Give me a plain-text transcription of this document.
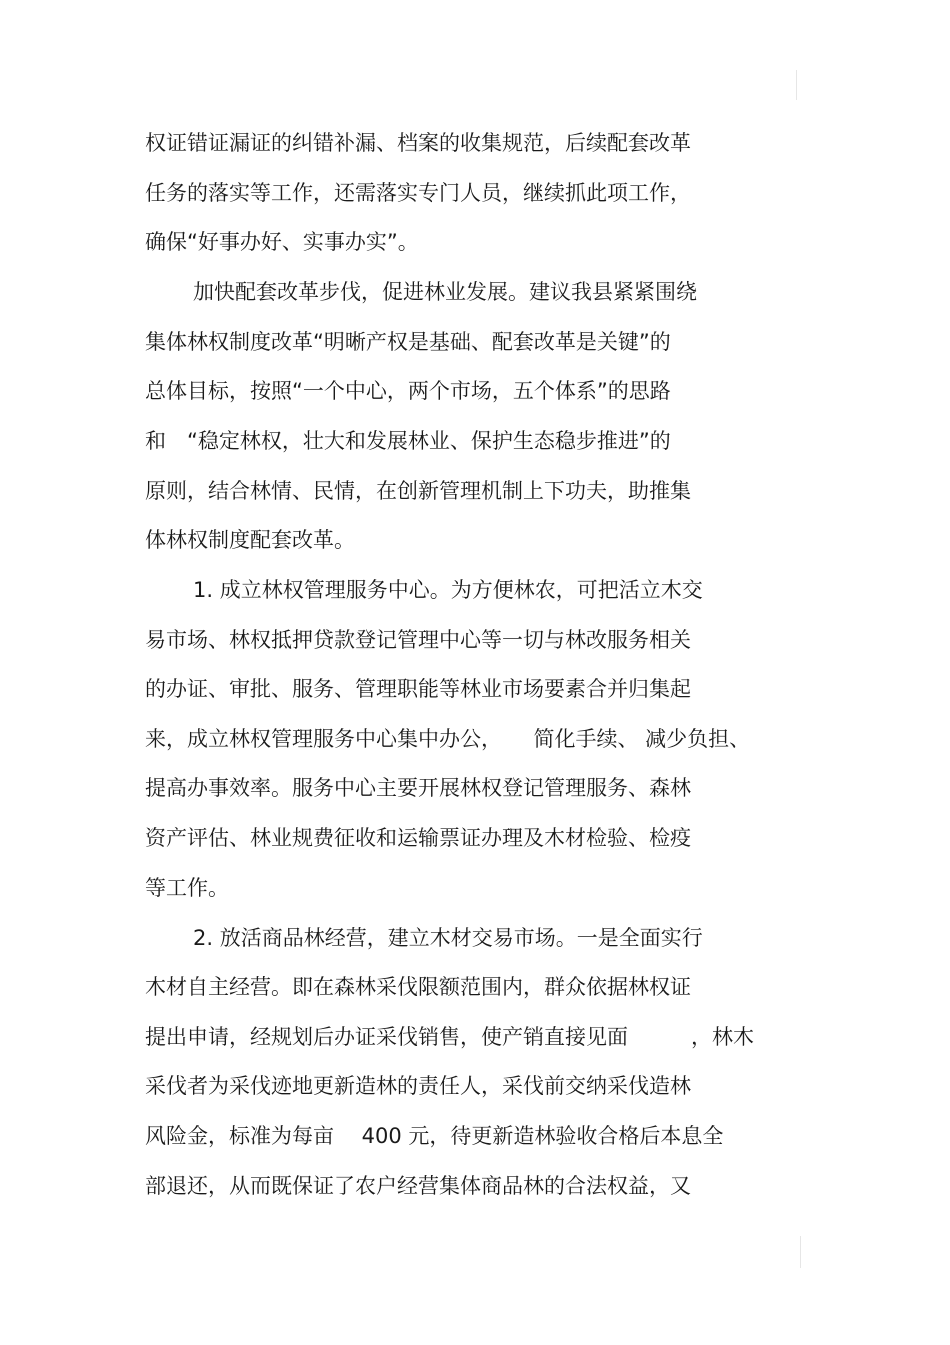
权证错证漏证的纠错补漏、档案的收集规范，后续配套改革
任务的落实等工作，还需落实专门人员，继续抓此项工作，
确保“好事办好、实事办实”。
加快配套改革步伐，促进林业发展。建议我县紧紧围绕
集体林权制度改革“明晰产权是基础、配套改革是关键”的
总体目标，按照“一个中心，两个市场，五个体系”的思路
和　“稳定林权，壮大和发展林业、保护生态稳步推进”的
原则，结合林情、民情，在创新管理机制上下功夫，助推集
体林权制度配套改革。
1. 成立林权管理服务中心。为方便林农，可把活立木交
易市场、林权抵押贷款登记管理中心等一切与林改服务相关
的办证、审批、服务、管理职能等林业市场要素合并归集起
来，成立林权管理服务中心集中办公，　　简化手续、 减少负担、
提高办事效率。服务中心主要开展林权登记管理服务、森林
资产评估、林业规费征收和运输票证办理及木材检验、检疫
等工作。
2. 放活商品林经营，建立木材交易市场。一是全面实行
木材自主经营。即在森林采伐限额范围内，群众依据林权证
提出申请，经规划后办证采伐销售，使产销直接见面　　　，林木
采伐者为采伐迹地更新造林的责任人，采伐前交纳采伐造林
风险金，标准为每亩　 400 元，待更新造林验收合格后本息全
部退还，从而既保证了农户经营集体商品林的合法权益，又
